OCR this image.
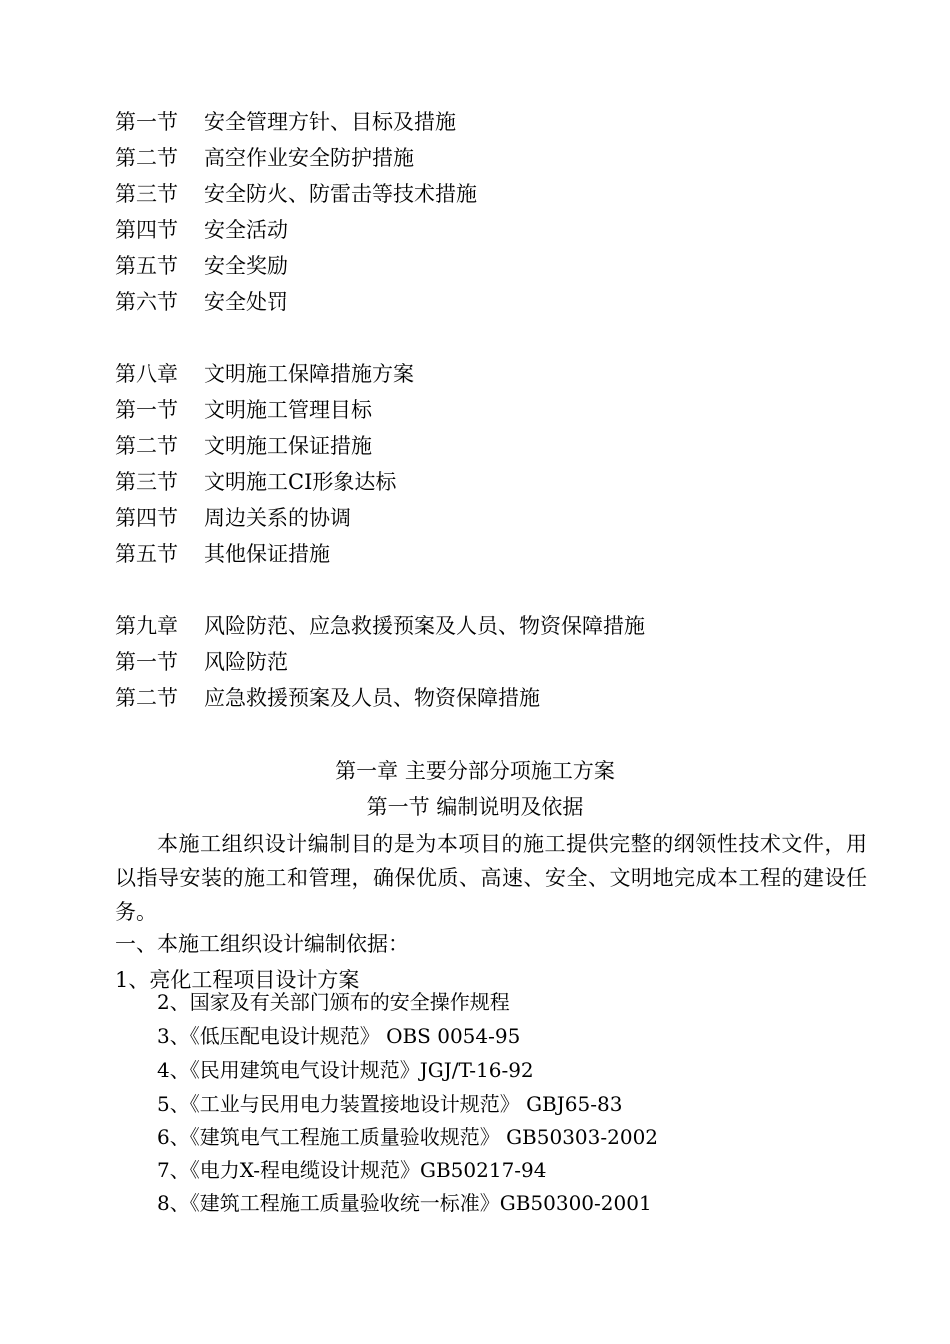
第一节 安全管理方针、目标及措施
第二节 高空作业安全防护措施
第三节 安全防火、防雷击等技术措施
第四节 安全活动
第五节 安全奖励
第六节 安全处罚
第八章 文明施工保障措施方案
第一节 文明施工管理目标
第二节 文明施工保证措施
第三节 文明施工CI形象达标
第四节 周边关系的协调
第五节 其他保证措施
第九章 风险防范、应急救援预案及人员、物资保障措施
第一节 风险防范
第二节 应急救援预案及人员、物资保障措施
第一章 主要分部分项施工方案
第一节 编制说明及依据
本施工组织设计编制目的是为本项目的施工提供完整的纲领性技术文件，用以指导安装的施工和管理，确保优质、高速、安全、文明地完成本工程的建设任务。
一、本施工组织设计编制依据：
1、亮化工程项目设计方案
2、国家及有关部门颁布的安全操作规程
3、《低压配电设计规范》 OBS 0054-95
4、《民用建筑电气设计规范》JGJ/T-16-92
5、《工业与民用电力装置接地设计规范》 GBJ65-83
6、《建筑电气工程施工质量验收规范》 GB50303-2002
7、《电力X-程电缆设计规范》GB50217-94
8、《建筑工程施工质量验收统一标准》GB50300-2001
